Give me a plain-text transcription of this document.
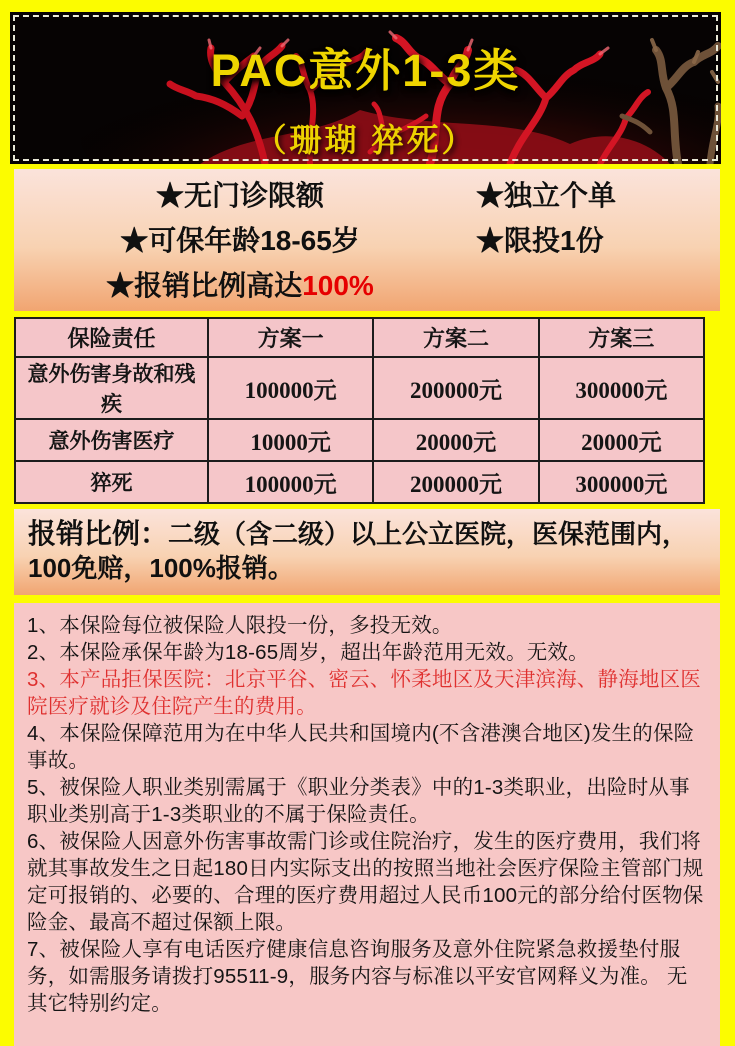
PAC意外1-3类
（珊瑚 猝死）
★无门诊限额	★独立个单
★可保年龄18-65岁	★限投1份
★报销比例高达100%
保险责任	方案一	方案二	方案三
意外伤害身故和残疾	100000元	200000元	300000元
意外伤害医疗	10000元	20000元	20000元
猝死	100000元	200000元	300000元
报销比例：二级（含二级）以上公立医院，医保范围内，100免赔，100%报销。

1、本保险每位被保险人限投一份，多投无效。

2、本保险承保年龄为18-65周岁，超出年龄范用无效。无效。

3、本产品拒保医院：北京平谷、密云、怀柔地区及天津滨海、静海地区医院医疗就诊及住院产生的费用。

4、本保险保障范用为在中华人民共和国境内(不含港澳合地区)发生的保险事故。

5、被保险人职业类别需属于《职业分类表》中的1-3类职业，出险时从事职业类别高于1-3类职业的不属于保险责任。

6、被保险人因意外伤害事故需门诊或住院治疗，发生的医疗费用，我们将就其事故发生之日起180日内实际支出的按照当地社会医疗保险主管部门规定可报销的、必要的、合理的医疗费用超过人民币100元的部分给付医物保险金、最高不超过保额上限。

7、被保险人享有电话医疗健康信息咨询服务及意外住院紧急救援垫付服务，如需服务请拨打95511-9，服务内容与标准以平安官网释义为准。 无其它特别约定。
